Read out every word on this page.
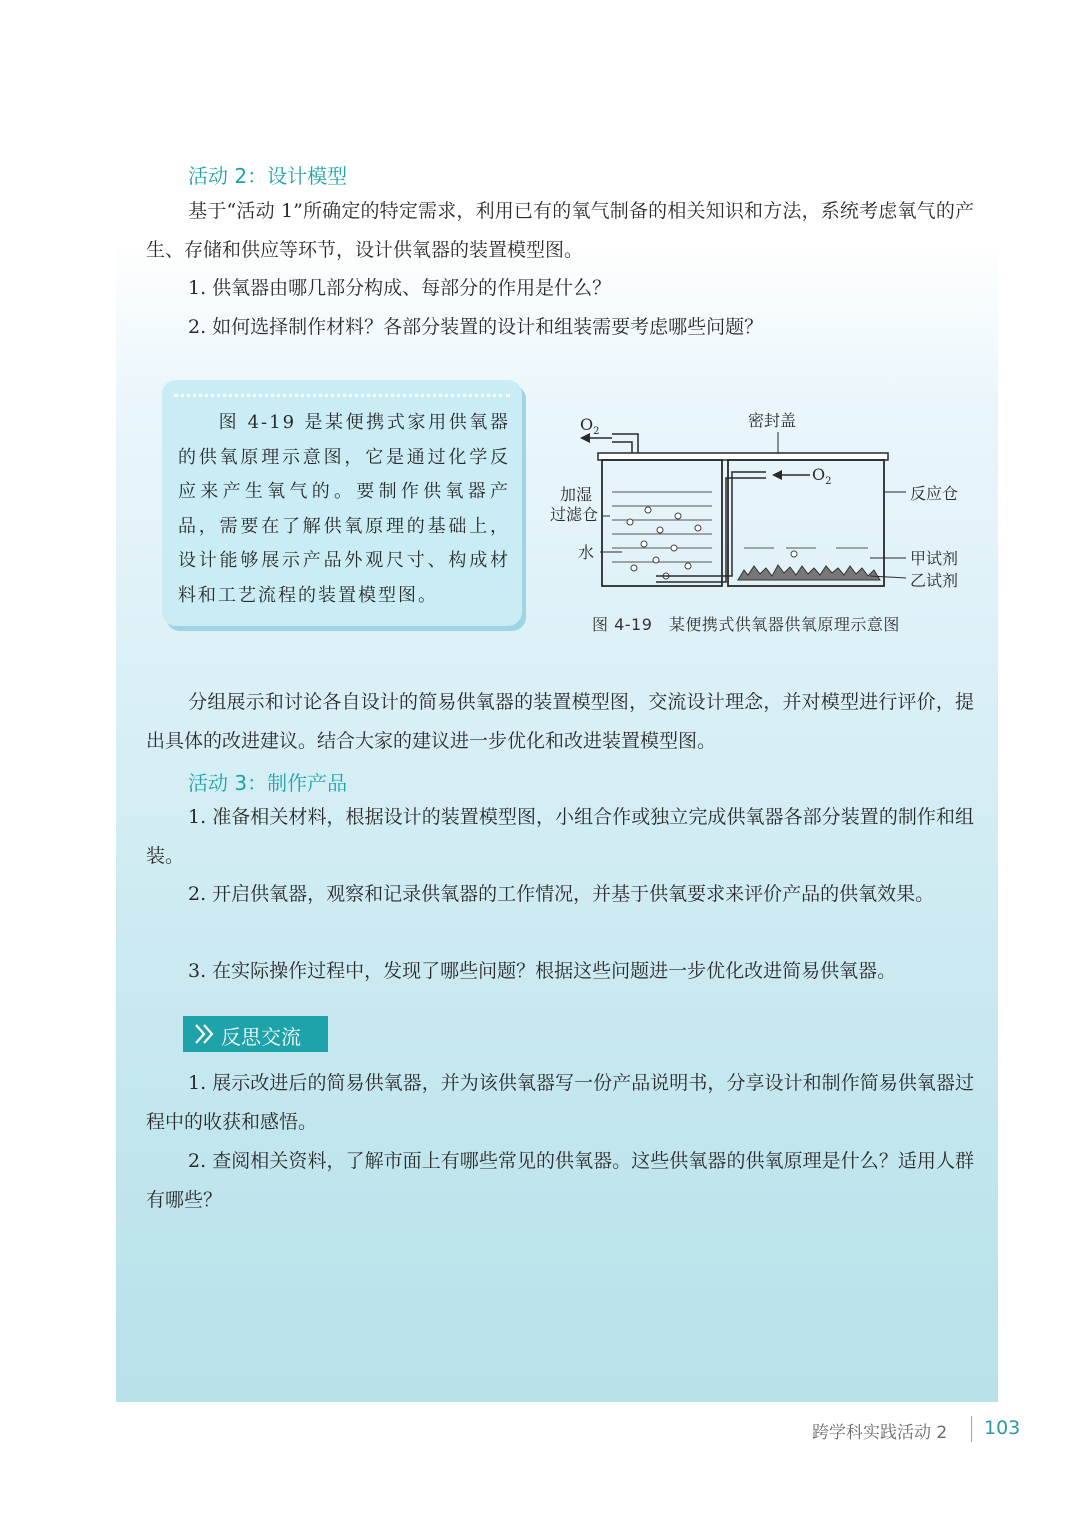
活动 2：设计模型
基于“活动 1”所确定的特定需求，利用已有的氧气制备的相关知识和方法，系统考虑氧气的产生、存储和供应等环节，设计供氧器的装置模型图。
1. 供氧器由哪几部分构成、每部分的作用是什么？
2. 如何选择制作材料？各部分装置的设计和组装需要考虑哪些问题？
图 4-19 是某便携式家用供氧器的供氧原理示意图，它是通过化学反应来产生氧气的。要制作供氧器产品，需要在了解供氧原理的基础上，设计能够展示产品外观尺寸、构成材料和工艺流程的装置模型图。
$O_2$
密封盖
$O_2$
加湿
过滤仓
水
反应仓
甲试剂
乙试剂
图 4-19　某便携式供氧器供氧原理示意图
分组展示和讨论各自设计的简易供氧器的装置模型图，交流设计理念，并对模型进行评价，提出具体的改进建议。结合大家的建议进一步优化和改进装置模型图。
活动 3：制作产品
1. 准备相关材料，根据设计的装置模型图，小组合作或独立完成供氧器各部分装置的制作和组装。
2. 开启供氧器，观察和记录供氧器的工作情况，并基于供氧要求来评价产品的供氧效果。
3. 在实际操作过程中，发现了哪些问题？根据这些问题进一步优化改进简易供氧器。
反思交流
1. 展示改进后的简易供氧器，并为该供氧器写一份产品说明书，分享设计和制作简易供氧器过程中的收获和感悟。
2. 查阅相关资料，了解市面上有哪些常见的供氧器。这些供氧器的供氧原理是什么？适用人群有哪些？
跨学科实践活动 2 103
